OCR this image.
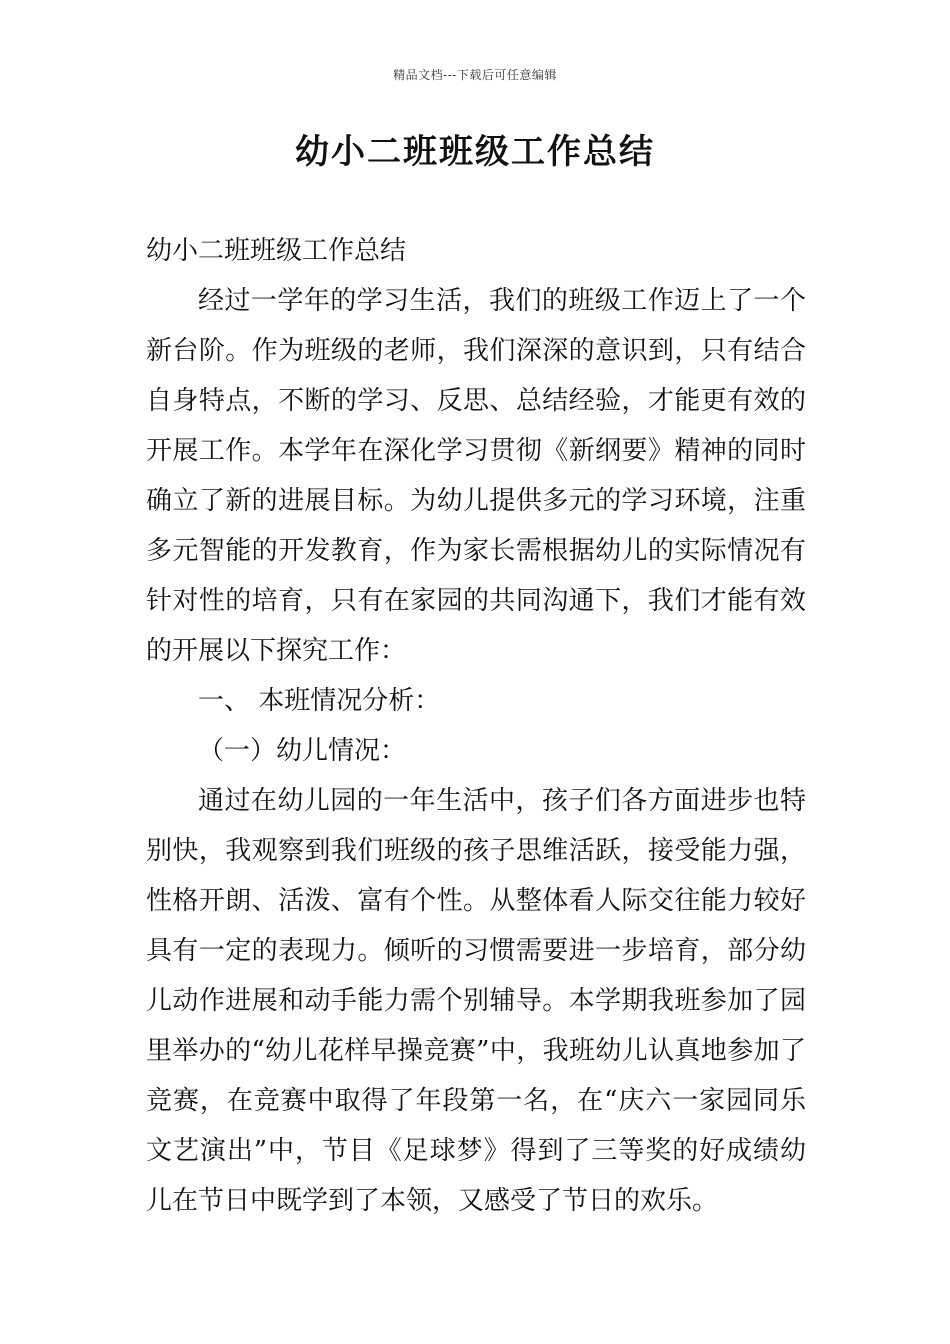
精品文档---下载后可任意编辑
幼小二班班级工作总结

幼小二班班级工作总结

经过一学年的学习生活，我们的班级工作迈上了一个新台阶。作为班级的老师，我们深深的意识到，只有结合自身特点，不断的学习、反思、总结经验，才能更有效的开展工作。本学年在深化学习贯彻《新纲要》精神的同时确立了新的进展目标。为幼儿提供多元的学习环境，注重多元智能的开发教育，作为家长需根据幼儿的实际情况有针对性的培育，只有在家园的共同沟通下，我们才能有效的开展以下探究工作：

一、 本班情况分析：

（一）幼儿情况：

通过在幼儿园的一年生活中，孩子们各方面进步也特别快，我观察到我们班级的孩子思维活跃，接受能力强，性格开朗、活泼、富有个性。从整体看人际交往能力较好具有一定的表现力。倾听的习惯需要进一步培育，部分幼儿动作进展和动手能力需个别辅导。本学期我班参加了园里举办的“幼儿花样早操竞赛”中，我班幼儿认真地参加了竞赛，在竞赛中取得了年段第一名，在“庆六一家园同乐文艺演出”中，节目《足球梦》得到了三等奖的好成绩幼儿在节日中既学到了本领，又感受了节日的欢乐。
